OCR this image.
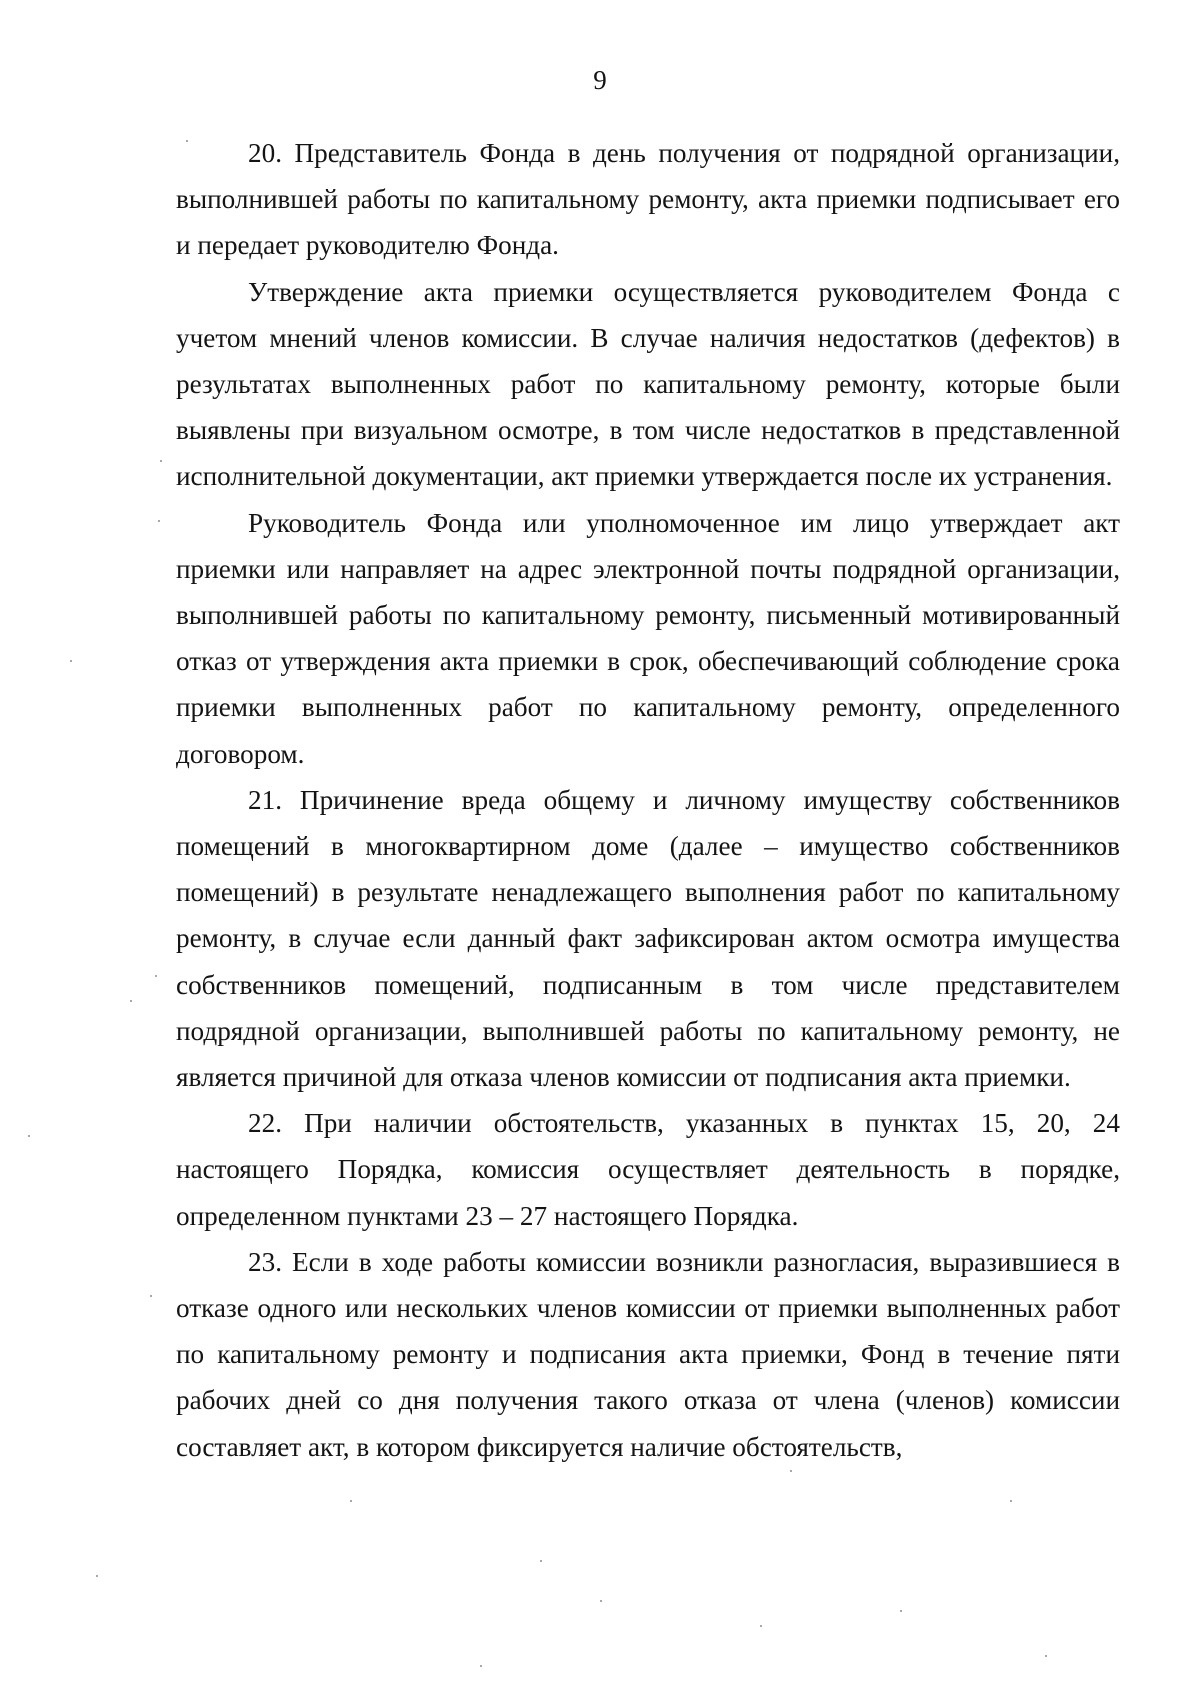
9

20. Представитель Фонда в день получения от подрядной организации, выполнившей работы по капитальному ремонту, акта приемки подписывает его и передает руководителю Фонда.

Утверждение акта приемки осуществляется руководителем Фонда с учетом мнений членов комиссии. В случае наличия недостатков (дефектов) в результатах выполненных работ по капитальному ремонту, которые были выявлены при визуальном осмотре, в том числе недостатков в представленной исполнительной документации, акт приемки утверждается после их устранения.

Руководитель Фонда или уполномоченное им лицо утверждает акт приемки или направляет на адрес электронной почты подрядной организации, выполнившей работы по капитальному ремонту, письменный мотивированный отказ от утверждения акта приемки в срок, обеспечивающий соблюдение срока приемки выполненных работ по капитальному ремонту, определенного договором.

21. Причинение вреда общему и личному имуществу собственников помещений в многоквартирном доме (далее – имущество собственников помещений) в результате ненадлежащего выполнения работ по капитальному ремонту, в случае если данный факт зафиксирован актом осмотра имущества собственников помещений, подписанным в том числе представителем подрядной организации, выполнившей работы по капитальному ремонту, не является причиной для отказа членов комиссии от подписания акта приемки.

22. При наличии обстоятельств, указанных в пунктах 15, 20, 24 настоящего Порядка, комиссия осуществляет деятельность в порядке, определенном пунктами 23 – 27 настоящего Порядка.

23. Если в ходе работы комиссии возникли разногласия, выразившиеся в отказе одного или нескольких членов комиссии от приемки выполненных работ по капитальному ремонту и подписания акта приемки, Фонд в течение пяти рабочих дней со дня получения такого отказа от члена (членов) комиссии составляет акт, в котором фиксируется наличие обстоятельств,
